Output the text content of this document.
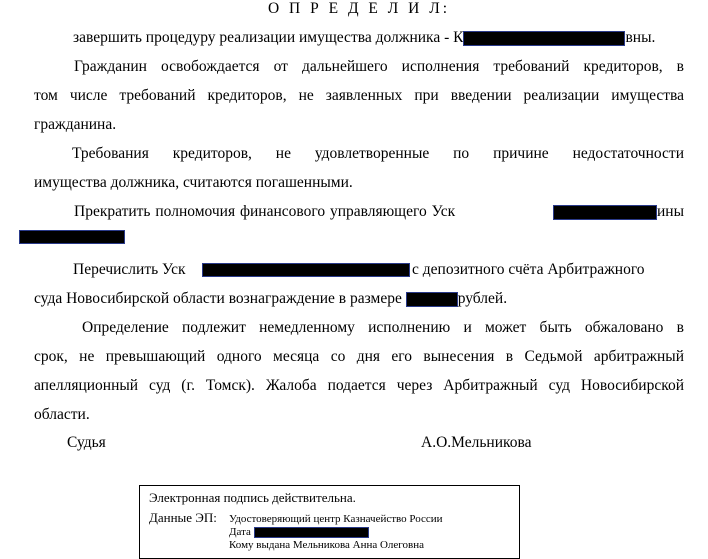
О П Р Е Д Е Л И Л:
завершить процедуру реализации имущества должника - К	вны.
Гражданин освобождается от дальнейшего исполнения требований кредиторов, в
том числе требований кредиторов, не заявленных при введении реализации имущества
гражданина.
Требования кредиторов, не удовлетворенные по причине недостаточности
имущества должника, считаются погашенными.
Прекратить полномочия финансового управляющего Уск	ины
Перечислить Уск	с депозитного счёта Арбитражного
суда Новосибирской области вознаграждение в размере	рублей.
Определение подлежит немедленному исполнению и может быть обжаловано в
срок, не превышающий одного месяца со дня его вынесения в Седьмой арбитражный
апелляционный суд (г. Томск). Жалоба подается через Арбитражный суд Новосибирской
области.
Судья	А.О.Мельникова
Электронная подпись действительна.
Данные ЭП: Удостоверяющий центр Казначейство России
Дата
Кому выдана Мельникова Анна Олеговна
